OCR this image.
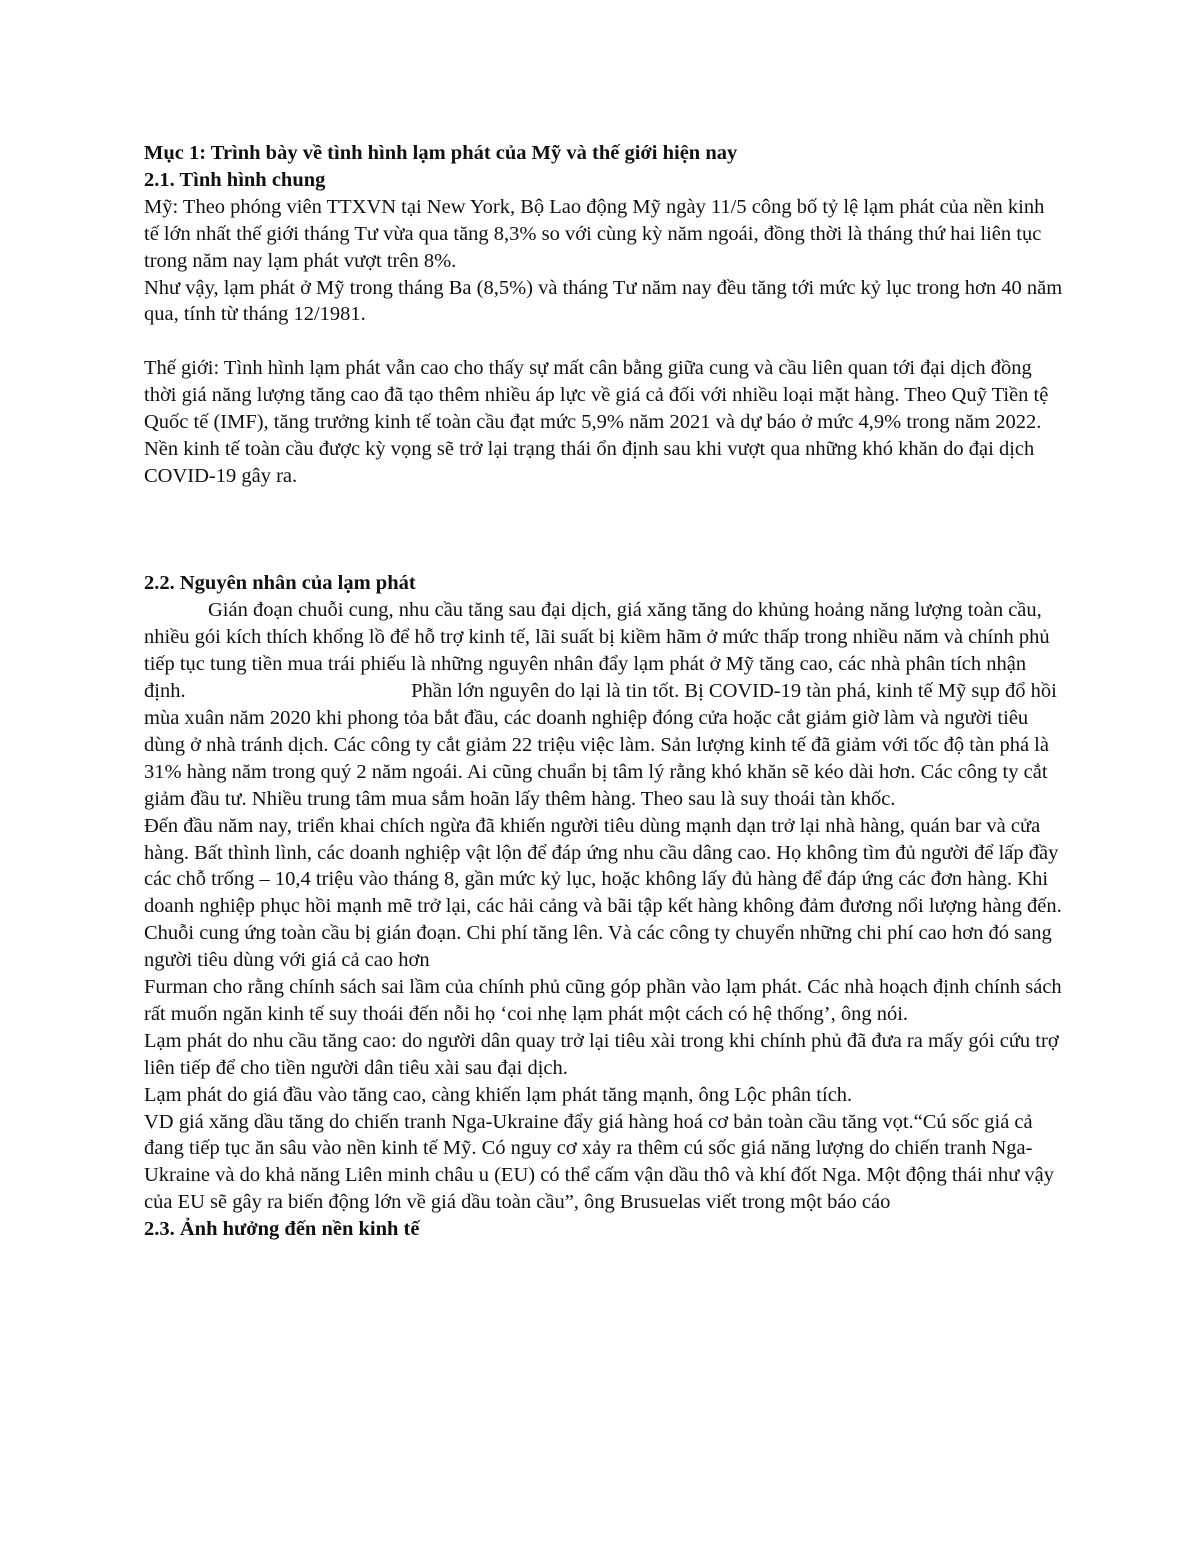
Mục 1: Trình bày về tình hình lạm phát của Mỹ và thế giới hiện nay

2.1. Tình hình chung

Mỹ: Theo phóng viên TTXVN tại New York, Bộ Lao động Mỹ ngày 11/5 công bố tỷ lệ lạm phát của nền kinh tế lớn nhất thế giới tháng Tư vừa qua tăng 8,3% so với cùng kỳ năm ngoái, đồng thời là tháng thứ hai liên tục trong năm nay lạm phát vượt trên 8%.

Như vậy, lạm phát ở Mỹ trong tháng Ba (8,5%) và tháng Tư năm nay đều tăng tới mức kỷ lục trong hơn 40 năm qua, tính từ tháng 12/1981.

Thế giới: Tình hình lạm phát vẫn cao cho thấy sự mất cân bằng giữa cung và cầu liên quan tới đại dịch đồng thời giá năng lượng tăng cao đã tạo thêm nhiều áp lực về giá cả đối với nhiều loại mặt hàng. Theo Quỹ Tiền tệ Quốc tế (IMF), tăng trưởng kinh tế toàn cầu đạt mức 5,9% năm 2021 và dự báo ở mức 4,9% trong năm 2022. Nền kinh tế toàn cầu được kỳ vọng sẽ trở lại trạng thái ổn định sau khi vượt qua những khó khăn do đại dịch COVID-19 gây ra.

2.2. Nguyên nhân của lạm phát

Gián đoạn chuỗi cung, nhu cầu tăng sau đại dịch, giá xăng tăng do khủng hoảng năng lượng toàn cầu, nhiều gói kích thích khổng lồ để hỗ trợ kinh tế, lãi suất bị kiềm hãm ở mức thấp trong nhiều năm và chính phủ tiếp tục tung tiền mua trái phiếu là những nguyên nhân đẩy lạm phát ở Mỹ tăng cao, các nhà phân tích nhận định.                                            Phần lớn nguyên do lại là tin tốt. Bị COVID-19 tàn phá, kinh tế Mỹ sụp đổ hồi mùa xuân năm 2020 khi phong tỏa bắt đầu, các doanh nghiệp đóng cửa hoặc cắt giảm giờ làm và người tiêu dùng ở nhà tránh dịch. Các công ty cắt giảm 22 triệu việc làm. Sản lượng kinh tế đã giảm với tốc độ tàn phá là 31% hàng năm trong quý 2 năm ngoái. Ai cũng chuẩn bị tâm lý rằng khó khăn sẽ kéo dài hơn. Các công ty cắt giảm đầu tư. Nhiều trung tâm mua sắm hoãn lấy thêm hàng. Theo sau là suy thoái tàn khốc.

Đến đầu năm nay, triển khai chích ngừa đã khiến người tiêu dùng mạnh dạn trở lại nhà hàng, quán bar và cửa hàng. Bất thình lình, các doanh nghiệp vật lộn để đáp ứng nhu cầu dâng cao. Họ không tìm đủ người để lấp đầy các chỗ trống – 10,4 triệu vào tháng 8, gần mức kỷ lục, hoặc không lấy đủ hàng để đáp ứng các đơn hàng. Khi doanh nghiệp phục hồi mạnh mẽ trở lại, các hải cảng và bãi tập kết hàng không đảm đương nổi lượng hàng đến. Chuỗi cung ứng toàn cầu bị gián đoạn. Chi phí tăng lên. Và các công ty chuyển những chi phí cao hơn đó sang người tiêu dùng với giá cả cao hơn

Furman cho rằng chính sách sai lầm của chính phủ cũng góp phần vào lạm phát. Các nhà hoạch định chính sách rất muốn ngăn kinh tế suy thoái đến nỗi họ ‘coi nhẹ lạm phát một cách có hệ thống’, ông nói.

Lạm phát do nhu cầu tăng cao: do người dân quay trở lại tiêu xài trong khi chính phủ đã đưa ra mấy gói cứu trợ liên tiếp để cho tiền người dân tiêu xài sau đại dịch.

Lạm phát do giá đầu vào tăng cao, càng khiến lạm phát tăng mạnh, ông Lộc phân tích.

VD giá xăng dầu tăng do chiến tranh Nga-Ukraine đẩy giá hàng hoá cơ bản toàn cầu tăng vọt.“Cú sốc giá cả đang tiếp tục ăn sâu vào nền kinh tế Mỹ. Có nguy cơ xảy ra thêm cú sốc giá năng lượng do chiến tranh Nga-Ukraine và do khả năng Liên minh châu u (EU) có thể cấm vận dầu thô và khí đốt Nga. Một động thái như vậy của EU sẽ gây ra biến động lớn về giá dầu toàn cầu”, ông Brusuelas viết trong một báo cáo

2.3. Ảnh hưởng đến nền kinh tế
